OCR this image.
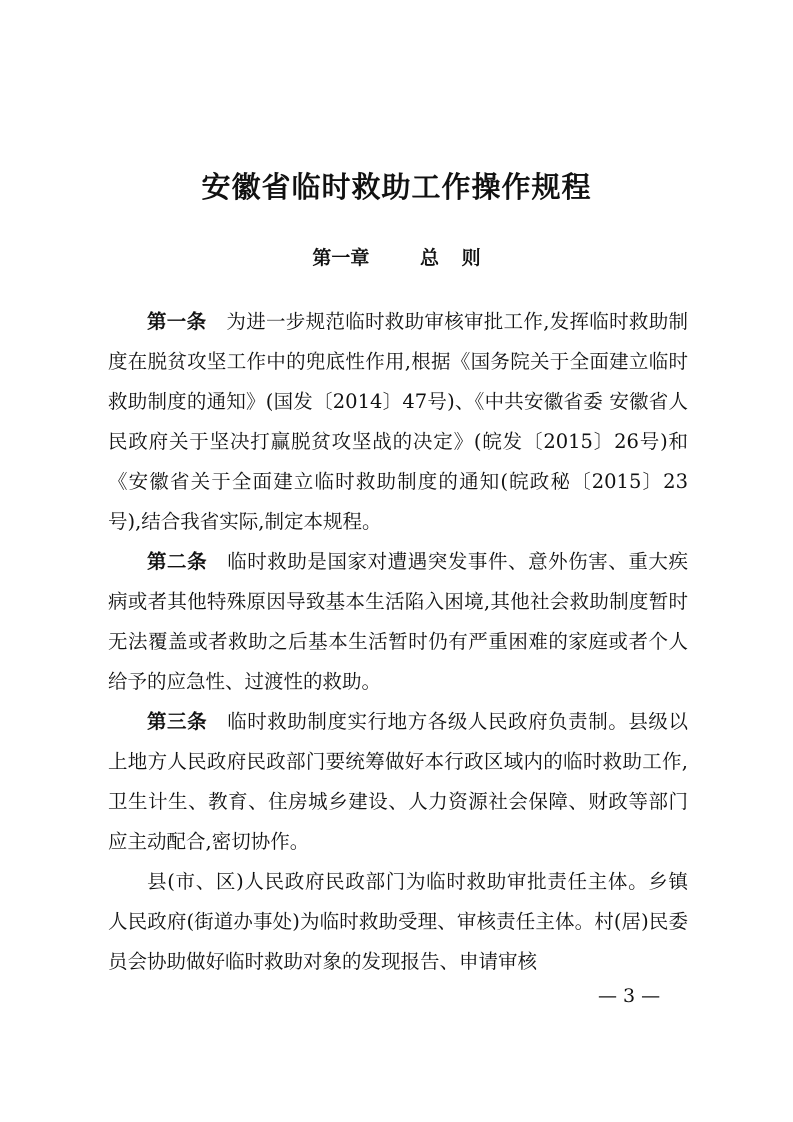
安徽省临时救助工作操作规程
第一章	总 则

第一条 为进一步规范临时救助审核审批工作,发挥临时救助制度在脱贫攻坚工作中的兜底性作用,根据《国务院关于全面建立临时救助制度的通知》(国发〔2014〕47号)、《中共安徽省委 安徽省人民政府关于坚决打赢脱贫攻坚战的决定》(皖发〔2015〕26号)和《安徽省关于全面建立临时救助制度的通知(皖政秘〔2015〕23号),结合我省实际,制定本规程。

第二条 临时救助是国家对遭遇突发事件、意外伤害、重大疾病或者其他特殊原因导致基本生活陷入困境,其他社会救助制度暂时无法覆盖或者救助之后基本生活暂时仍有严重困难的家庭或者个人给予的应急性、过渡性的救助。

第三条 临时救助制度实行地方各级人民政府负责制。县级以上地方人民政府民政部门要统筹做好本行政区域内的临时救助工作,卫生计生、教育、住房城乡建设、人力资源社会保障、财政等部门应主动配合,密切协作。

县(市、区)人民政府民政部门为临时救助审批责任主体。乡镇人民政府(街道办事处)为临时救助受理、审核责任主体。村(居)民委员会协助做好临时救助对象的发现报告、申请审核

— 3 —
